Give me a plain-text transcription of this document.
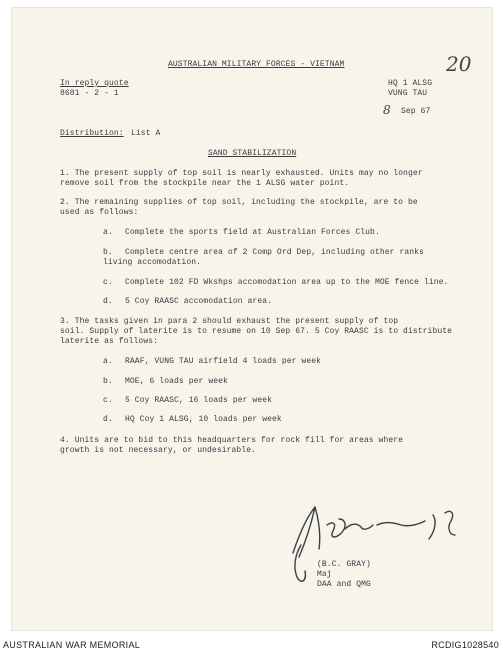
20
AUSTRALIAN MILITARY FORCES - VIETNAM
In reply quote
8681 - 2 - 1
HQ 1 ALSG
VUNG TAU
8 Sep 67
Distribution: List A
SAND STABILIZATION
1. The present supply of top soil is nearly exhausted. Units may no longer
remove soil from the stockpile near the 1 ALSG water point.
2. The remaining supplies of top soil, including the stockpile, are to be
used as follows:
a. Complete the sports field at Australian Forces Club.
b. Complete centre area of 2 Comp Ord Dep, including other ranks
living accomodation.
c. Complete 102 FD Wkshps accomodation area up to the MOE fence line.
d. 5 Coy RAASC accomodation area.
3. The tasks given in para 2 should exhaust the present supply of top
soil. Supply of laterite is to resume on 10 Sep 67. 5 Coy RAASC is to distribute
laterite as follows:
a. RAAF, VUNG TAU airfield 4 loads per week
b. MOE, 6 loads per week
c. 5 Coy RAASC, 16 loads per week
d. HQ Coy 1 ALSG, 10 loads per week
4. Units are to bid to this headquarters for rock fill for areas where
growth is not necessary, or undesirable.
(B.C. GRAY)
Maj
DAA and QMG
AUSTRALIAN WAR MEMORIAL	RCDIG1028540
